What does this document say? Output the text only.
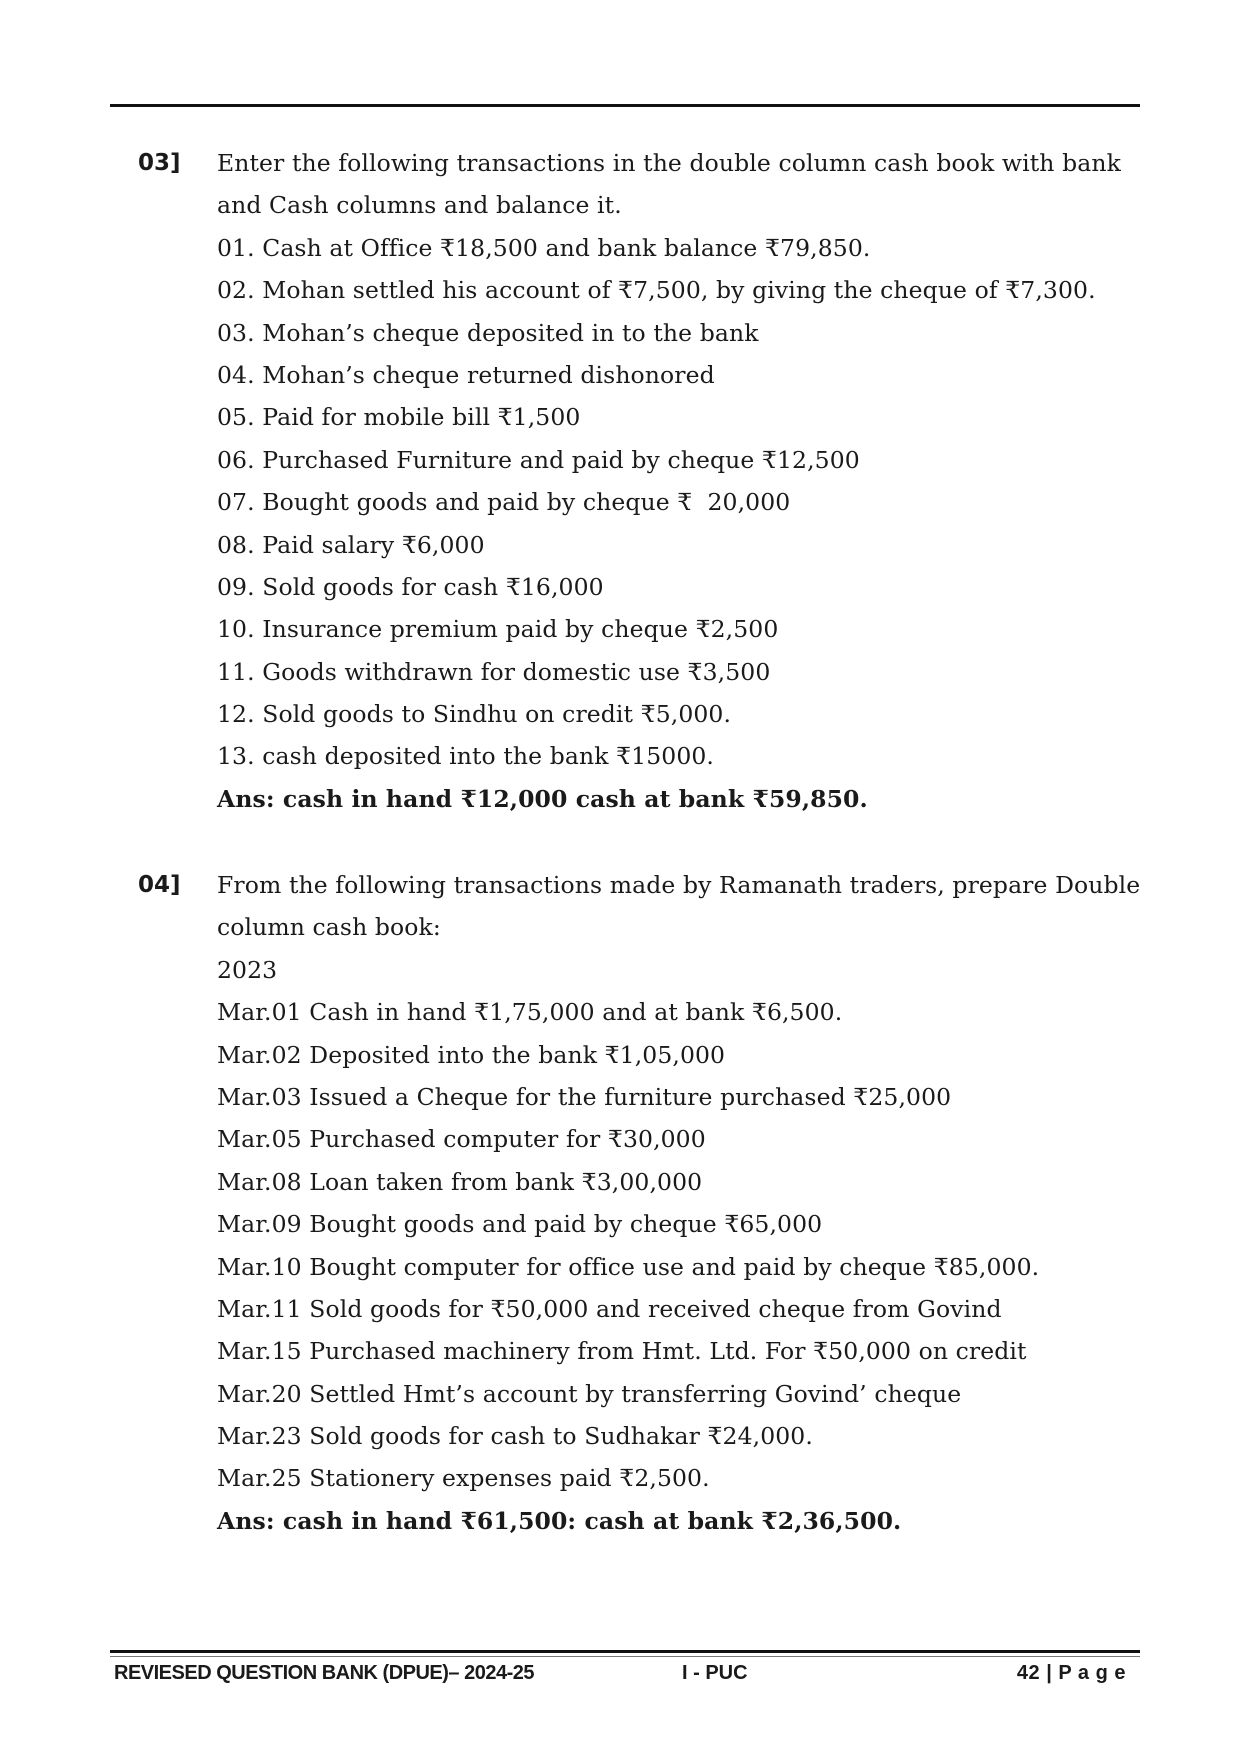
03] Enter the following transactions in the double column cash book with bank
and Cash columns and balance it.
01. Cash at Office ₹18,500 and bank balance ₹79,850.
02. Mohan settled his account of ₹7,500, by giving the cheque of ₹7,300.
03. Mohan’s cheque deposited in to the bank
04. Mohan’s cheque returned dishonored
05. Paid for mobile bill ₹1,500
06. Purchased Furniture and paid by cheque ₹12,500
07. Bought goods and paid by cheque ₹  20,000
08. Paid salary ₹6,000
09. Sold goods for cash ₹16,000
10. Insurance premium paid by cheque ₹2,500
11. Goods withdrawn for domestic use ₹3,500
12. Sold goods to Sindhu on credit ₹5,000.
13. cash deposited into the bank ₹15000.
Ans: cash in hand ₹12,000 cash at bank ₹59,850.
04] From the following transactions made by Ramanath traders, prepare Double
column cash book:
2023
Mar.01 Cash in hand ₹1,75,000 and at bank ₹6,500.
Mar.02 Deposited into the bank ₹1,05,000
Mar.03 Issued a Cheque for the furniture purchased ₹25,000
Mar.05 Purchased computer for ₹30,000
Mar.08 Loan taken from bank ₹3,00,000
Mar.09 Bought goods and paid by cheque ₹65,000
Mar.10 Bought computer for office use and paid by cheque ₹85,000.
Mar.11 Sold goods for ₹50,000 and received cheque from Govind
Mar.15 Purchased machinery from Hmt. Ltd. For ₹50,000 on credit
Mar.20 Settled Hmt’s account by transferring Govind’ cheque
Mar.23 Sold goods for cash to Sudhakar ₹24,000.
Mar.25 Stationery expenses paid ₹2,500.
Ans: cash in hand ₹61,500: cash at bank ₹2,36,500.
REVIESED QUESTION BANK (DPUE)– 2024-25	I - PUC	42 | P a g e
